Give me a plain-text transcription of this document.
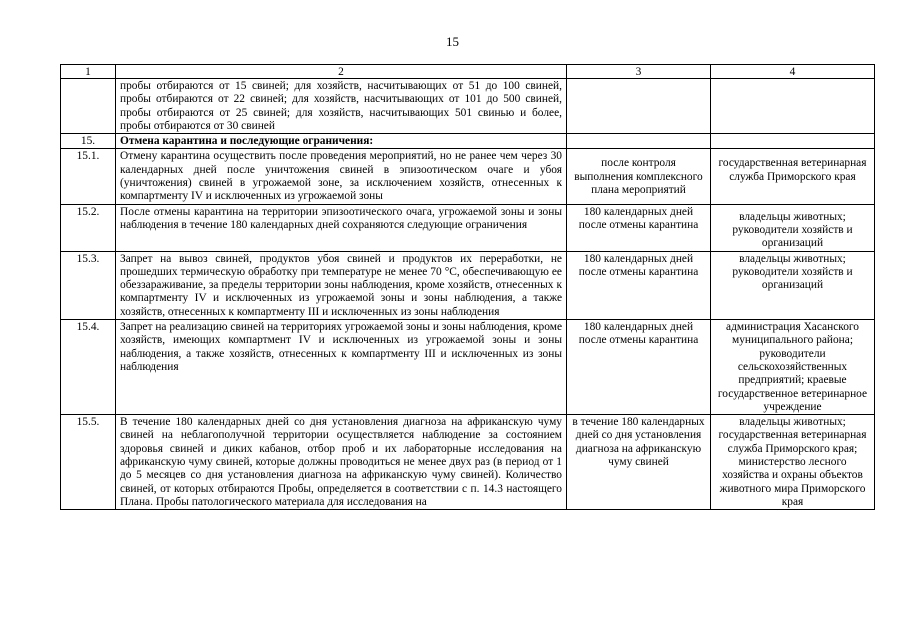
15
1	2	3	4
	пробы отбираются от 15 свиней; для хозяйств, насчитывающих от 51 до 100 свиней, пробы отбираются от 22 свиней; для хозяйств, насчитывающих от 101 до 500 свиней, пробы отбираются от 25 свиней; для хозяйств, насчитывающих 501 свинью и более, пробы отбираются от 30 свиней		
15.	Отмена карантина и последующие ограничения:		
15.1.	Отмену карантина осуществить после проведения мероприятий, но не ранее чем через 30 календарных дней после уничтожения свиней в эпизоотическом очаге и убоя (уничтожения) свиней в угрожаемой зоне, за исключением хозяйств, отнесенных к компартменту IV и исключенных из угрожаемой зоны	после контроля выполнения комплексного плана мероприятий	государственная ветеринарная служба Приморского края
15.2.	После отмены карантина на территории эпизоотического очага, угрожаемой зоны и зоны наблюдения в течение 180 календарных дней сохраняются следующие ограничения	180 календарных дней после отмены карантина	владельцы животных; руководители хозяйств и организаций
15.3.	Запрет на вывоз свиней, продуктов убоя свиней и продуктов их переработки, не прошедших термическую обработку при температуре не менее 70 °С, обеспечивающую ее обеззараживание, за пределы территории зоны наблюдения, кроме хозяйств, отнесенных к компартменту IV и исключенных из угрожаемой зоны и зоны наблюдения, а также хозяйств, отнесенных к компартменту III и исключенных из зоны наблюдения	180 календарных дней после отмены карантина	владельцы животных; руководители хозяйств и организаций
15.4.	Запрет на реализацию свиней на территориях угрожаемой зоны и зоны наблюдения, кроме хозяйств, имеющих компартмент IV и исключенных из угрожаемой зоны и зоны наблюдения, а также хозяйств, отнесенных к компартменту III и исключенных из зоны наблюдения	180 календарных дней после отмены карантина	администрация Хасанского муниципального района; руководители сельскохозяйственных предприятий; краевые государственное ветеринарное учреждение
15.5.	В течение 180 календарных дней со дня установления диагноза на африканскую чуму свиней на неблагополучной территории осуществляется наблюдение за состоянием здоровья свиней и диких кабанов, отбор проб и их лабораторные исследования на африканскую чуму свиней, которые должны проводиться не менее двух раз (в период от 1 до 5 месяцев со дня установления диагноза на африканскую чуму свиней). Количество свиней, от которых отбираются Пробы, определяется в соответствии с п. 14.3 настоящего Плана. Пробы патологического материала для исследования на	в течение 180 календарных дней со дня установления диагноза на африканскую чуму свиней	владельцы животных; государственная ветеринарная служба Приморского края; министерство лесного хозяйства и охраны объектов животного мира Приморского края
